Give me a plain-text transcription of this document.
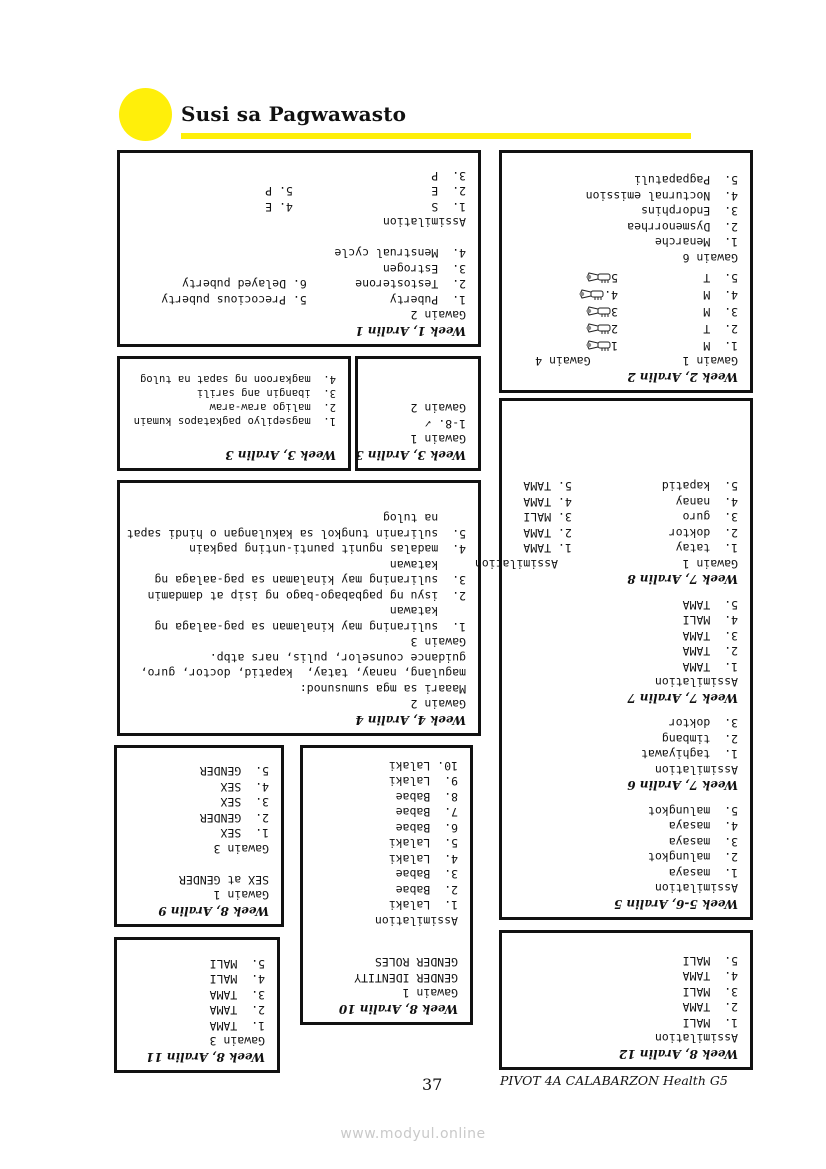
Susi sa Pagwawasto
Week 1, Aralin 1
Gawain 2
1.  Puberty            5. Precocious puberty
2.  Testosterone       6. Delayed puberty
3.  Estrogen
4.  Menstrual cycle
Assimilation
1.  S                    4. E
2.  E                    5. P
3.  P
Week 2, Aralin 2
Gawain 1Gawain 4
1.  M1
2.  T2
3.  M3
4.  M4.
5.  T5
Gawain 6
1.  Menarche
2.  Dysmenorrhea
3.  Endorphins
4.  Nocturnal emission
5.  Pagpapatuli
Week 3, Aralin 3
Gawain 1
1-8. ✓
Gawain 2
Week 3, Aralin 3
1.  magsepilyo pagkatapos kumain
2.  maligo araw-araw
3.  ibangin ang sarili
4.  magkaroon ng sapat na tulog
Week 4, Aralin 4
Gawain 2
Maaari sa mga sumusunod:
magulang, nanay, tatay,  kapatid, doctor, guro,
guidance counselor, pulis, nars atbp.
Gawain 3
1.  suliraning may kinalaman sa pag-aalaga ng
katawan
2.  isyu ng pagbabago-bago ng isip at damdamin
3.  suliraning may kinalaman sa pag-aalaga ng
katawan
4.  madalas ngunit paunti-unting pagkain
5.  suliranin tungkol sa kakulangan o hindi sapat
na tulog
Week 5-6, Aralin 5
Assimilation
1.  masaya
2.  malungkot
3.  masaya
4.  masaya
5.  malungkot
Week 7, Aralin 6
Assimilation
1.  taghiyawat
2.  timbang
3.  doktor
Week 7, Aralin 7
Assimilation
1.  TAMA
2.  TAMA
3.  TAMA
4.  MALI
5.  TAMA
Week 7, Aralin 8
Gawain 1                  Assimilation
1.  tatay               1. TAMA
2.  doktor              2. TAMA
3.  guro                3. MALI
4.  nanay               4. TAMA
5.  kapatid             5. TAMA
Week 8, Aralin 9
Gawain 1
SEX at GENDER
Gawain 3
1.  SEX
2.  GENDER
3.  SEX
4.  SEX
5.  GENDER
Week 8, Aralin 10
Gawain 1
GENDER IDENTITY
GENDER ROLES
Assimilation
1.  Lalaki
2.  Babae
3.  Babae
4.  Lalaki
5.  Lalaki
6.  Babae
7.  Babae
8.  Babae
9.  Lalaki
10. Lalaki
Week 8, Aralin 11
Gawain 3
1.  TAMA
2.  TAMA
3.  TAMA
4.  MALI
5.  MALI
Week 8, Aralin 12
Assimilation
1.  MALI
2.  TAMA
3.  MALI
4.  TAMA
5.  MALI
37	PIVOT 4A CALABARZON Health G5
www.modyul.online
